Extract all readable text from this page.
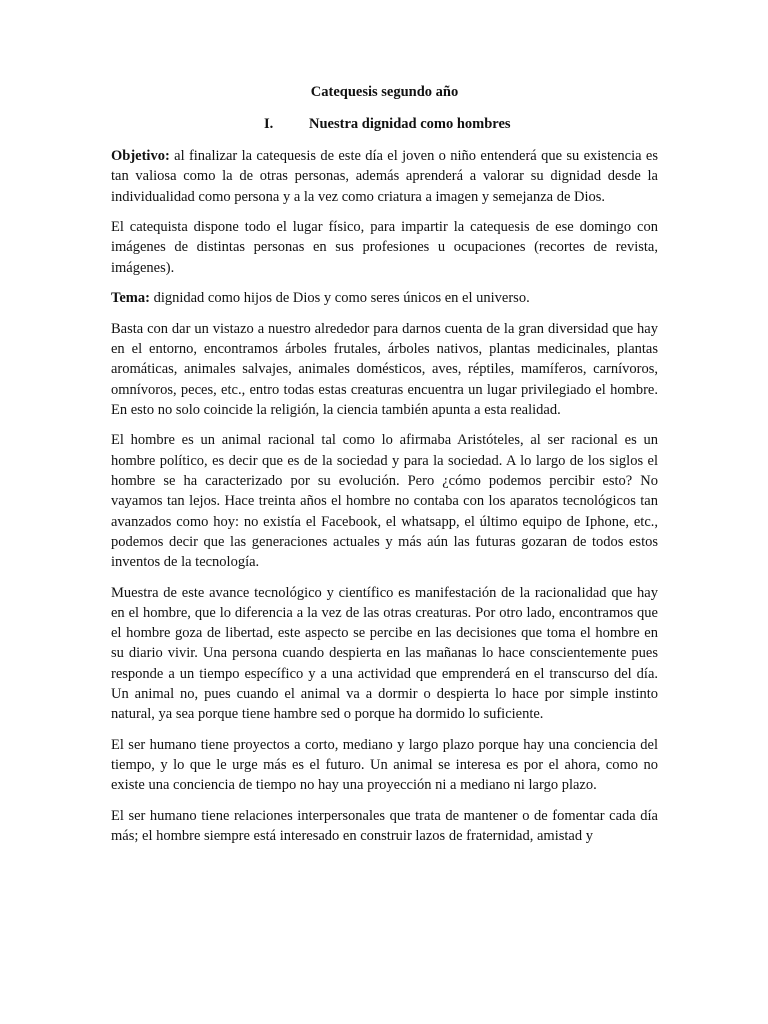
Catequesis segundo año
I.	Nuestra dignidad como hombres

Objetivo: al finalizar la catequesis de este día el joven o niño entenderá que su existencia es tan valiosa como la de otras personas, además aprenderá a valorar su dignidad desde la individualidad como persona y a la vez como criatura a imagen y semejanza de Dios.

El catequista dispone todo el lugar físico, para impartir la catequesis de ese domingo con imágenes de distintas personas en sus profesiones u ocupaciones (recortes de revista, imágenes).

Tema: dignidad como hijos de Dios y como seres únicos en el universo.

Basta con dar un vistazo a nuestro alrededor para darnos cuenta de la gran diversidad que hay en el entorno, encontramos árboles frutales, árboles nativos, plantas medicinales, plantas aromáticas, animales salvajes, animales domésticos, aves, réptiles, mamíferos, carnívoros, omnívoros, peces, etc., entro todas estas creaturas encuentra un lugar privilegiado el hombre. En esto no solo coincide la religión, la ciencia también apunta a esta realidad.

El hombre es un animal racional tal como lo afirmaba Aristóteles, al ser racional es un hombre político, es decir que es de la sociedad y para la sociedad. A lo largo de los siglos el hombre se ha caracterizado por su evolución. Pero ¿cómo podemos percibir esto? No vayamos tan lejos. Hace treinta años el hombre no contaba con los aparatos tecnológicos tan avanzados como hoy: no existía el Facebook, el whatsapp, el último equipo de Iphone, etc., podemos decir que las generaciones actuales y más aún las futuras gozaran de todos estos inventos de la tecnología.

Muestra de este avance tecnológico y científico es manifestación de la racionalidad que hay en el hombre, que lo diferencia a la vez de las otras creaturas. Por otro lado, encontramos que el hombre goza de libertad, este aspecto se percibe en las decisiones que toma el hombre en su diario vivir. Una persona cuando despierta en las mañanas lo hace conscientemente pues responde a un tiempo específico y a una actividad que emprenderá en el transcurso del día. Un animal no, pues cuando el animal va a dormir o despierta lo hace por simple instinto natural, ya sea porque tiene hambre sed o porque ha dormido lo suficiente.

El ser humano tiene proyectos a corto, mediano y largo plazo porque hay una conciencia del tiempo, y lo que le urge más es el futuro. Un animal se interesa es por el ahora, como no existe una conciencia de tiempo no hay una proyección ni a mediano ni largo plazo.

El ser humano tiene relaciones interpersonales que trata de mantener o de fomentar cada día más; el hombre siempre está interesado en construir lazos de fraternidad, amistad y
